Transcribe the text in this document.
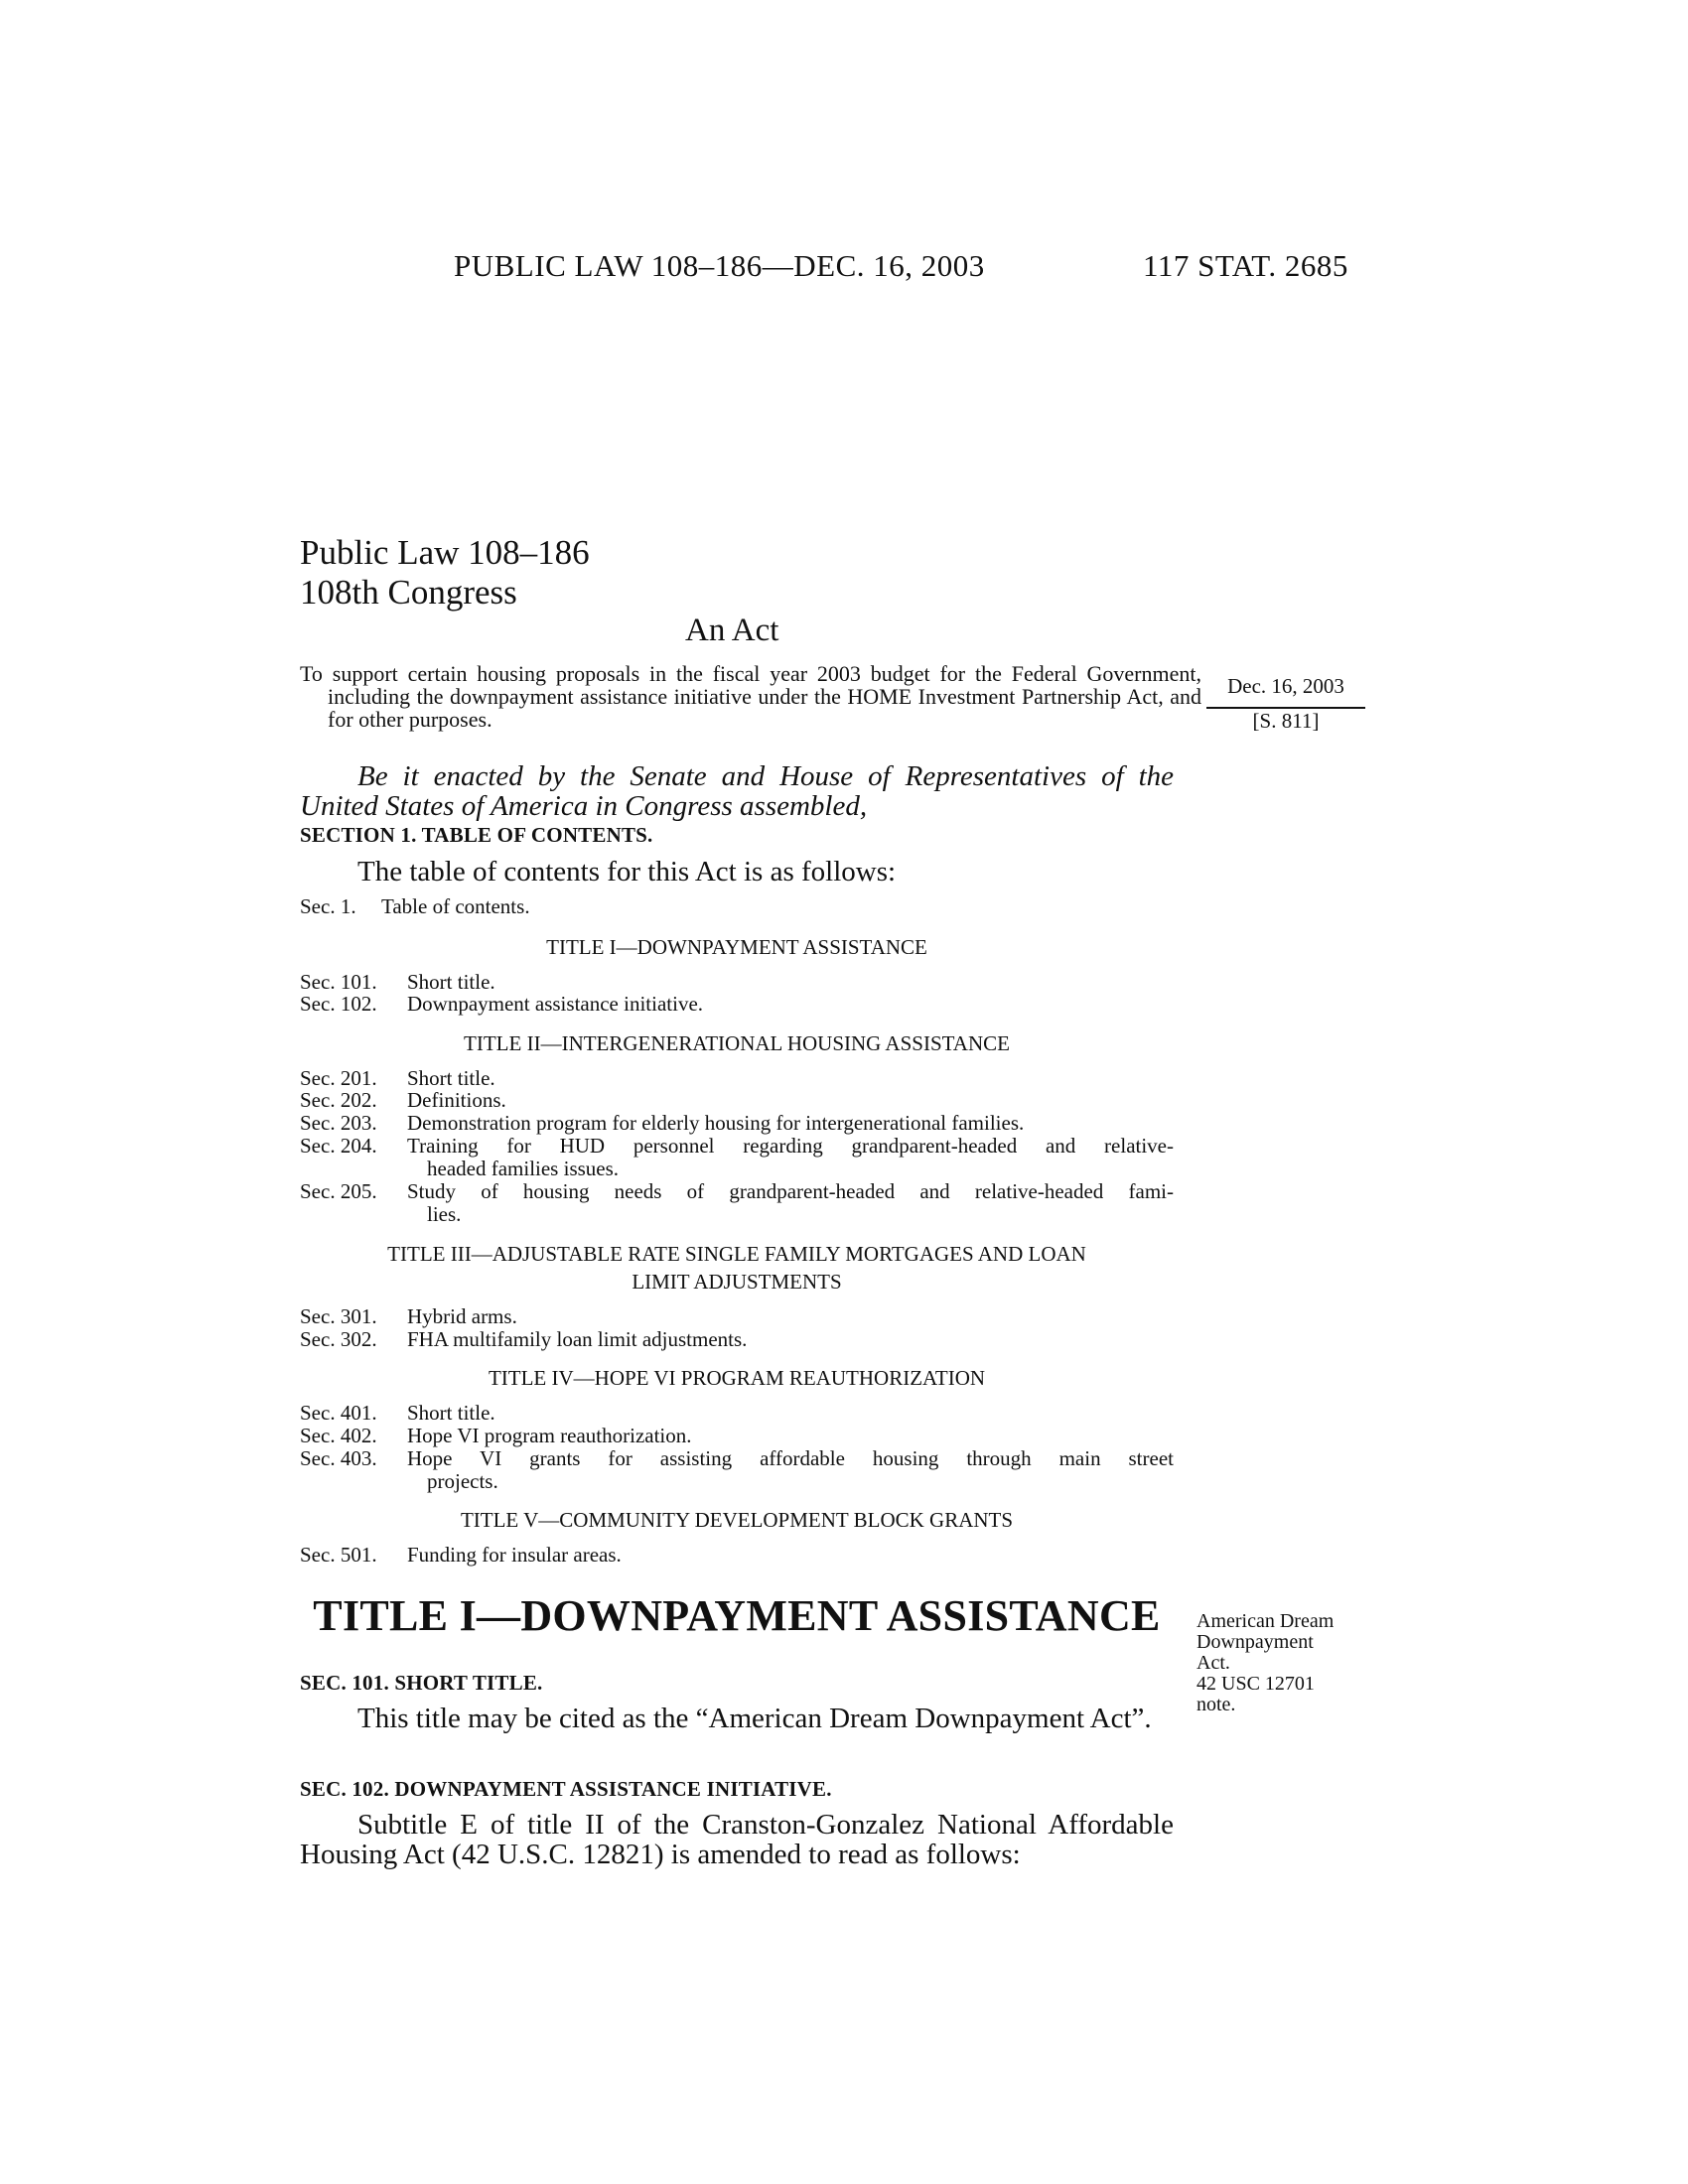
PUBLIC LAW 108–186—DEC. 16, 2003	117 STAT. 2685
Public Law 108–186
108th Congress
An Act
To support certain housing proposals in the fiscal year 2003 budget for the Federal Government, including the downpayment assistance initiative under the HOME Investment Partnership Act, and for other purposes.
Dec. 16, 2003
[S. 811]
Be it enacted by the Senate and House of Representatives of the United States of America in Congress assembled,
SECTION 1. TABLE OF CONTENTS.
The table of contents for this Act is as follows:
Sec. 1. Table of contents.
TITLE I—DOWNPAYMENT ASSISTANCE
Sec. 101. Short title.
Sec. 102. Downpayment assistance initiative.
TITLE II—INTERGENERATIONAL HOUSING ASSISTANCE
Sec. 201. Short title.
Sec. 202. Definitions.
Sec. 203. Demonstration program for elderly housing for intergenerational families.
Sec. 204. Training for HUD personnel regarding grandparent-headed and relative-
headed families issues.
Sec. 205. Study of housing needs of grandparent-headed and relative-headed fami-
lies.
TITLE III—ADJUSTABLE RATE SINGLE FAMILY MORTGAGES AND LOAN
LIMIT ADJUSTMENTS
Sec. 301. Hybrid arms.
Sec. 302. FHA multifamily loan limit adjustments.
TITLE IV—HOPE VI PROGRAM REAUTHORIZATION
Sec. 401. Short title.
Sec. 402. Hope VI program reauthorization.
Sec. 403. Hope VI grants for assisting affordable housing through main street
projects.
TITLE V—COMMUNITY DEVELOPMENT BLOCK GRANTS
Sec. 501. Funding for insular areas.
TITLE I—DOWNPAYMENT ASSISTANCE	American Dream
Downpayment
Act.
42 USC 12701
note.
SEC. 101. SHORT TITLE.
This title may be cited as the “American Dream Downpayment Act”.
SEC. 102. DOWNPAYMENT ASSISTANCE INITIATIVE.
Subtitle E of title II of the Cranston-Gonzalez National Affordable Housing Act (42 U.S.C. 12821) is amended to read as follows:
